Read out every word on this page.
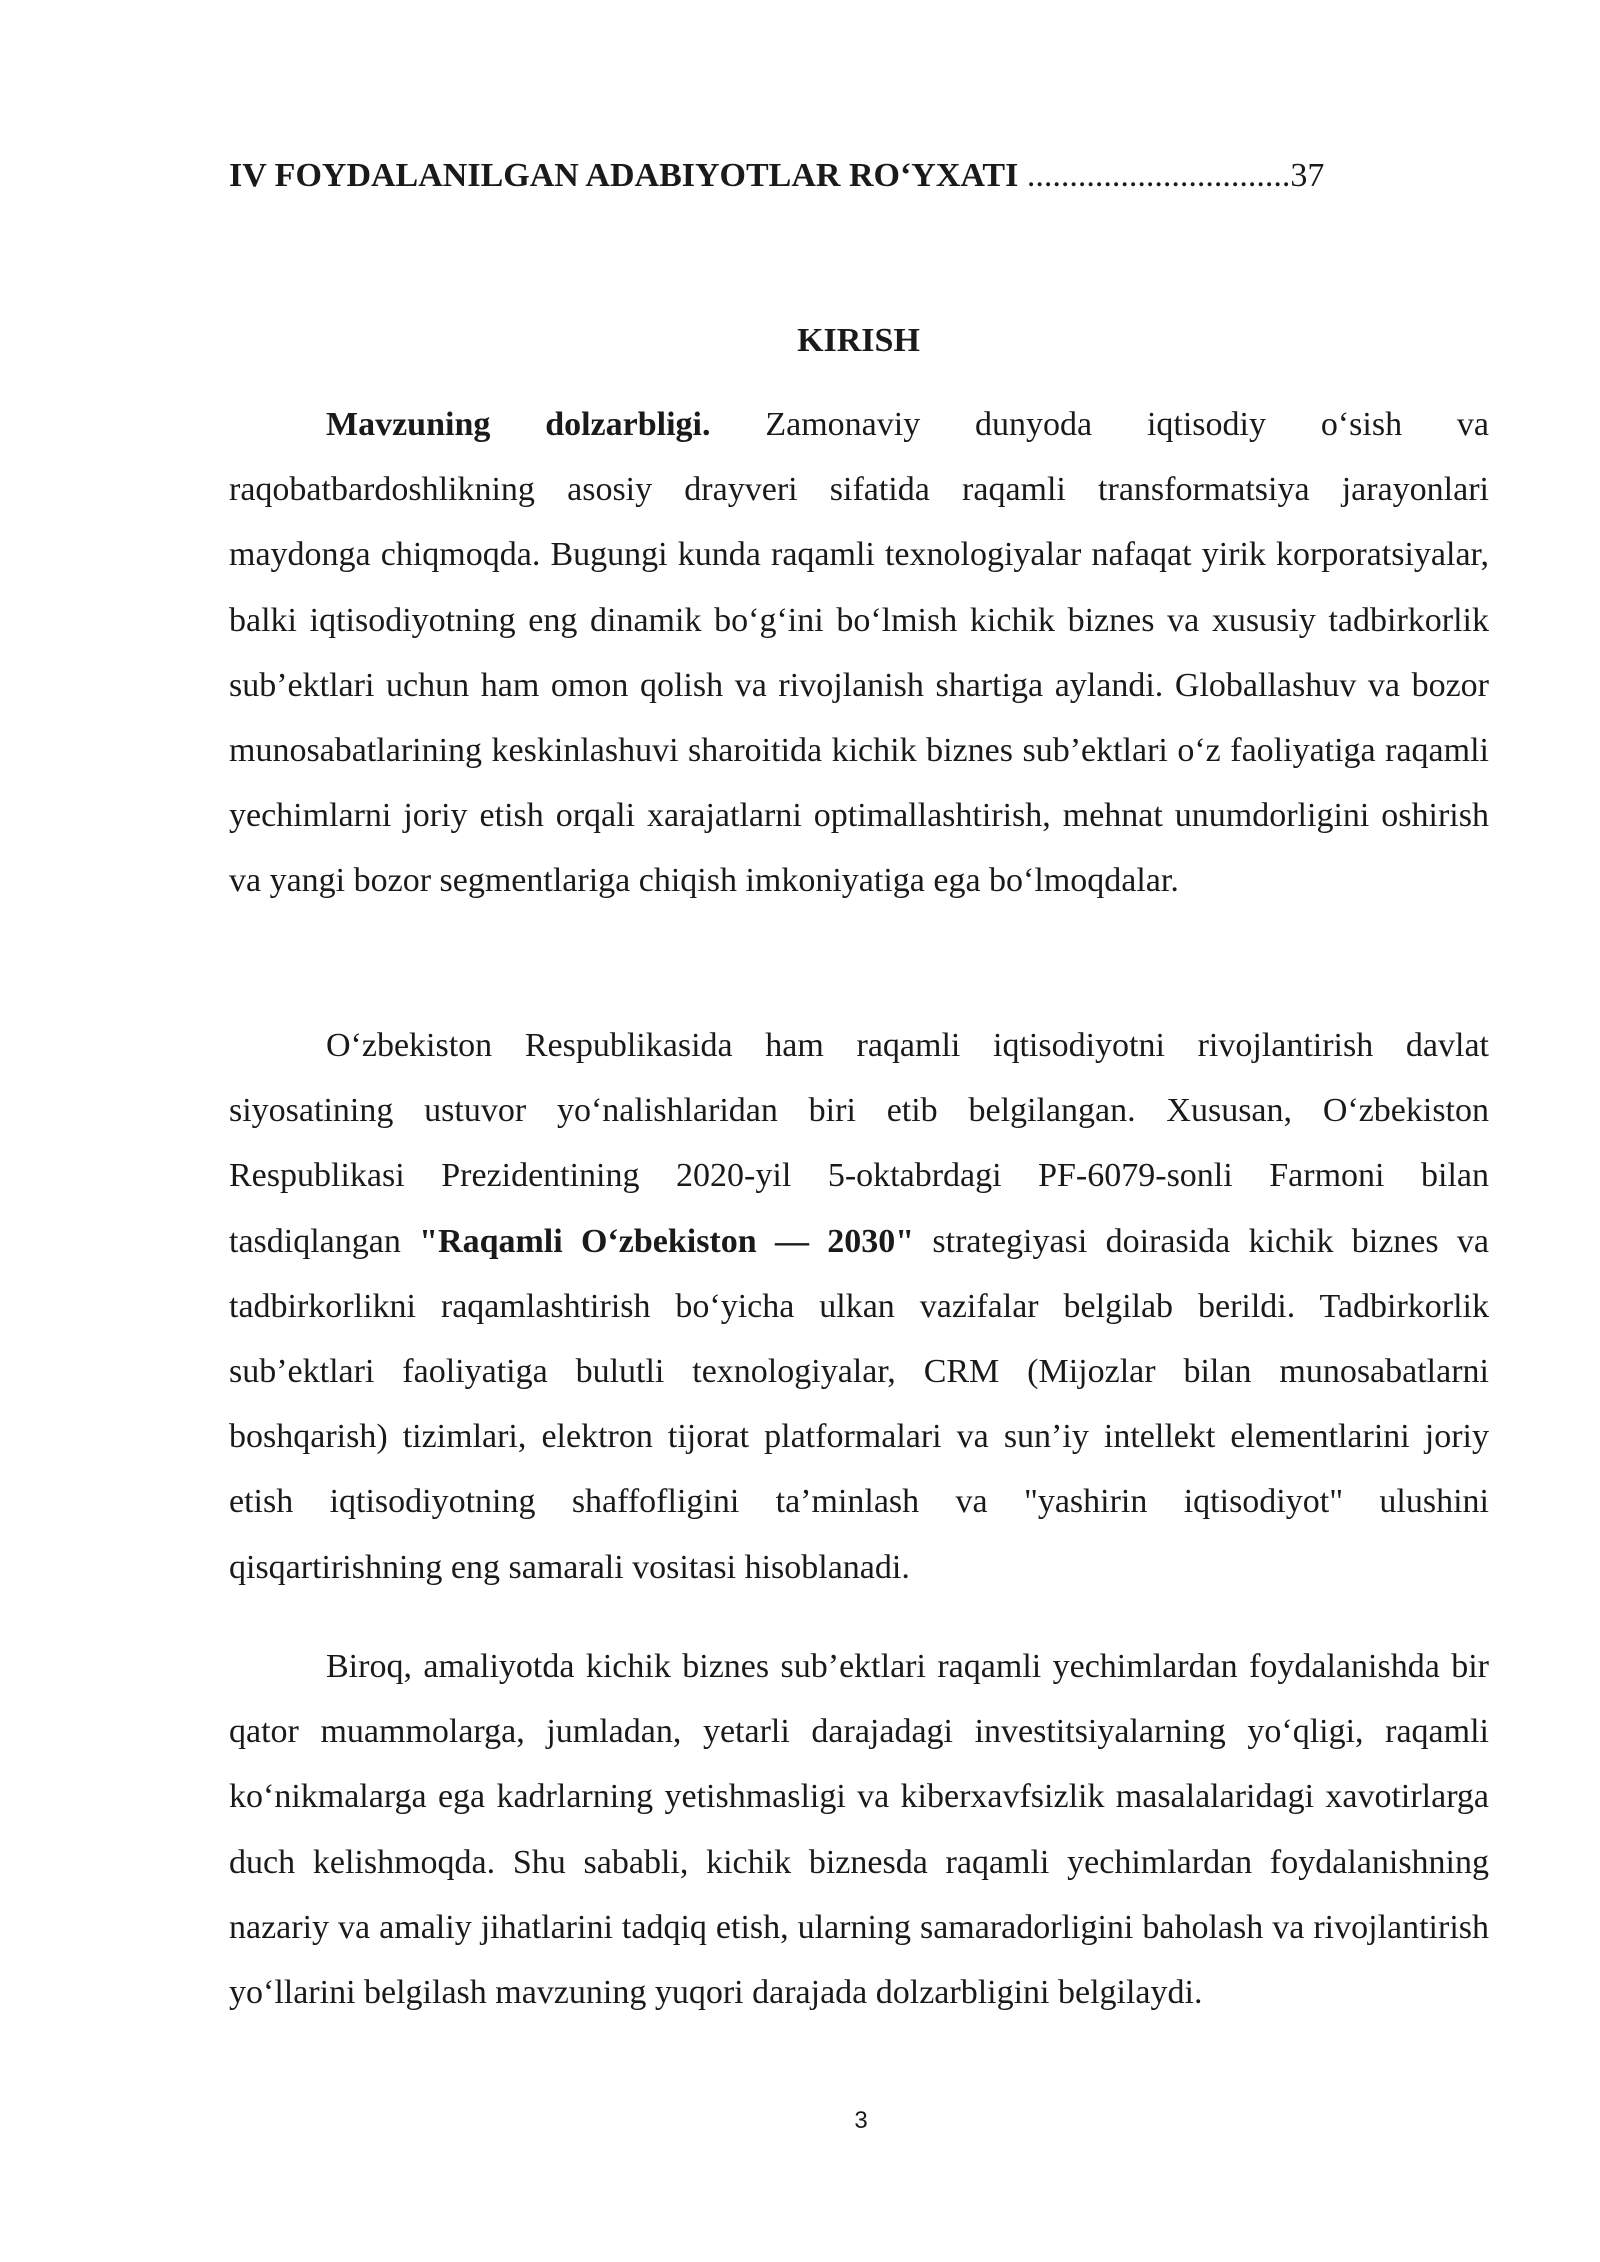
IV FOYDALANILGAN ADABIYOTLAR RO‘YXATI ...............................37
KIRISH

Mavzuning dolzarbligi. Zamonaviy dunyoda iqtisodiy o‘sish va raqobatbardoshlikning asosiy drayveri sifatida raqamli transformatsiya jarayonlari maydonga chiqmoqda. Bugungi kunda raqamli texnologiyalar nafaqat yirik korporatsiyalar, balki iqtisodiyotning eng dinamik bo‘g‘ini bo‘lmish kichik biznes va xususiy tadbirkorlik sub’ektlari uchun ham omon qolish va rivojlanish shartiga aylandi. Globallashuv va bozor munosabatlarining keskinlashuvi sharoitida kichik biznes sub’ektlari o‘z faoliyatiga raqamli yechimlarni joriy etish orqali xarajatlarni optimallashtirish, mehnat unumdorligini oshirish va yangi bozor segmentlariga chiqish imkoniyatiga ega bo‘lmoqdalar.

O‘zbekiston Respublikasida ham raqamli iqtisodiyotni rivojlantirish davlat siyosatining ustuvor yo‘nalishlaridan biri etib belgilangan. Xususan, O‘zbekiston Respublikasi Prezidentining 2020-yil 5-oktabrdagi PF-6079-sonli Farmoni bilan tasdiqlangan "Raqamli O‘zbekiston — 2030" strategiyasi doirasida kichik biznes va tadbirkorlikni raqamlashtirish bo‘yicha ulkan vazifalar belgilab berildi. Tadbirkorlik sub’ektlari faoliyatiga bulutli texnologiyalar, CRM (Mijozlar bilan munosabatlarni boshqarish) tizimlari, elektron tijorat platformalari va sun’iy intellekt elementlarini joriy etish iqtisodiyotning shaffofligini ta’minlash va "yashirin iqtisodiyot" ulushini qisqartirishning eng samarali vositasi hisoblanadi.

Biroq, amaliyotda kichik biznes sub’ektlari raqamli yechimlardan foydalanishda bir qator muammolarga, jumladan, yetarli darajadagi investitsiyalarning yo‘qligi, raqamli ko‘nikmalarga ega kadrlarning yetishmasligi va kiberxavfsizlik masalalaridagi xavotirlarga duch kelishmoqda. Shu sababli, kichik biznesda raqamli yechimlardan foydalanishning nazariy va amaliy jihatlarini tadqiq etish, ularning samaradorligini baholash va rivojlantirish yo‘llarini belgilash mavzuning yuqori darajada dolzarbligini belgilaydi.

3
